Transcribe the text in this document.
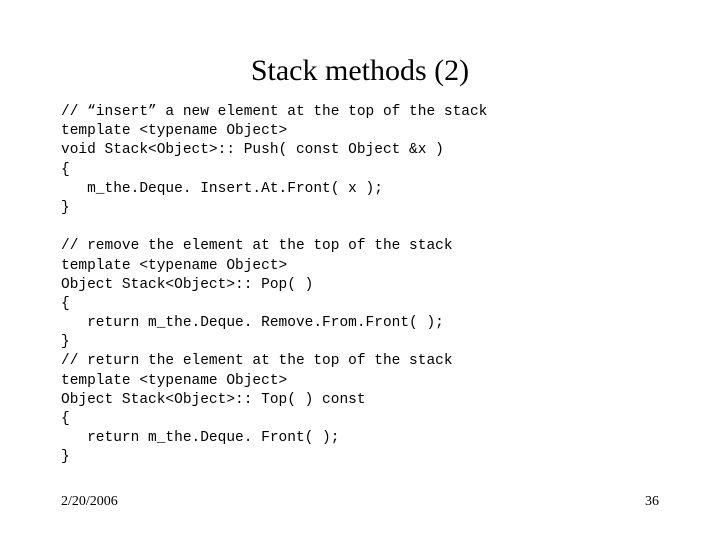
Stack methods (2)
// “insert” a new element at the top of the stack
template <typename Object>
void Stack<Object>:: Push( const Object &x )
{
m_the.Deque. Insert.At.Front( x );
}
// remove the element at the top of the stack
template <typename Object>
Object Stack<Object>:: Pop( )
{
return m_the.Deque. Remove.From.Front( );
}
// return the element at the top of the stack
template <typename Object>
Object Stack<Object>:: Top( ) const
{
return m_the.Deque. Front( );
}
2/20/2006	36
